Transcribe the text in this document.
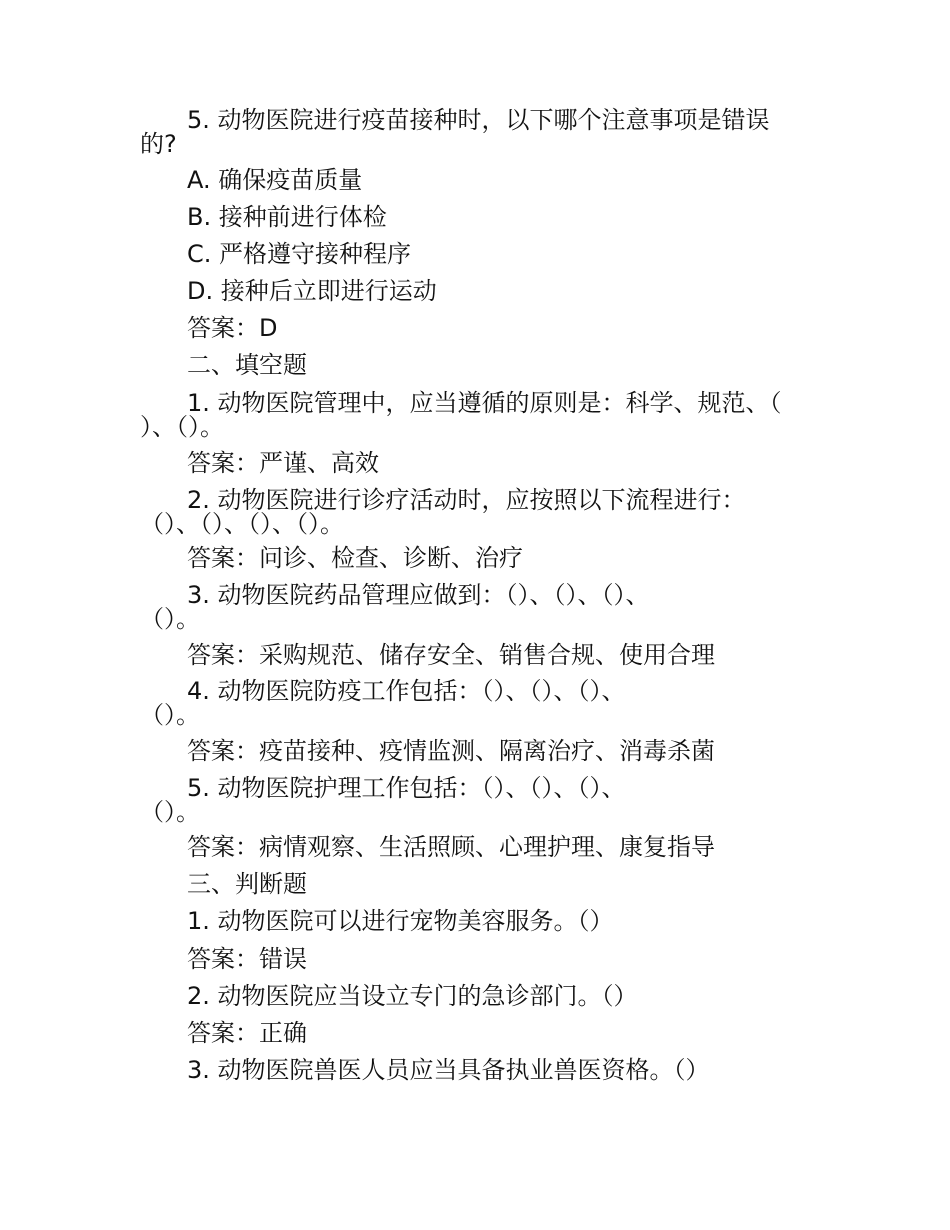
5. 动物医院进行疫苗接种时，以下哪个注意事项是错误
的?
A. 确保疫苗质量
B. 接种前进行体检
C. 严格遵守接种程序
D. 接种后立即进行运动
答案：D
二、填空题
1. 动物医院管理中，应当遵循的原则是：科学、规范、（
）、（）。
答案：严谨、高效
2. 动物医院进行诊疗活动时，应按照以下流程进行：
（）、（）、（）、（）。
答案：问诊、检查、诊断、治疗
3. 动物医院药品管理应做到：（）、（）、（）、
（）。
答案：采购规范、储存安全、销售合规、使用合理
4. 动物医院防疫工作包括：（）、（）、（）、
（）。
答案：疫苗接种、疫情监测、隔离治疗、消毒杀菌
5. 动物医院护理工作包括：（）、（）、（）、
（）。
答案：病情观察、生活照顾、心理护理、康复指导
三、判断题
1. 动物医院可以进行宠物美容服务。（）
答案：错误
2. 动物医院应当设立专门的急诊部门。（）
答案：正确
3. 动物医院兽医人员应当具备执业兽医资格。（）
